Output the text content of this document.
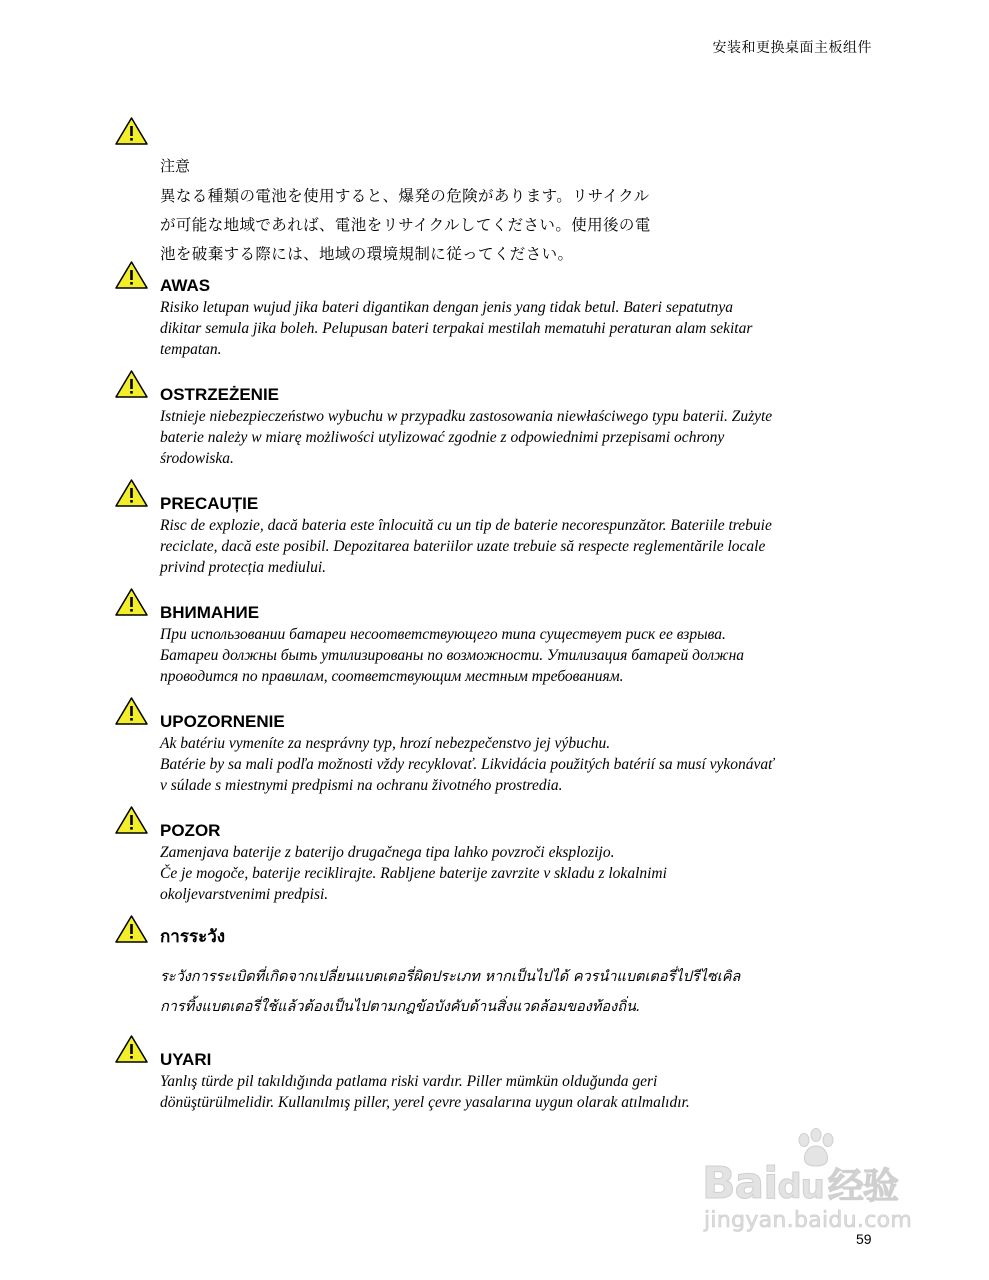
安装和更换桌面主板组件
注意
異なる種類の電池を使用すると、爆発の危険があります。リサイクル
が可能な地域であれば、電池をリサイクルしてください。使用後の電
池を破棄する際には、地域の環境規制に従ってください。
AWAS
Risiko letupan wujud jika bateri digantikan dengan jenis yang tidak betul. Bateri sepatutnya
dikitar semula jika boleh. Pelupusan bateri terpakai mestilah mematuhi peraturan alam sekitar
tempatan.
OSTRZEŻENIE
Istnieje niebezpieczeństwo wybuchu w przypadku zastosowania niewłaściwego typu baterii. Zużyte
baterie należy w miarę możliwości utylizować zgodnie z odpowiednimi przepisami ochrony
środowiska.
PRECAUȚIE
Risc de explozie, dacă bateria este înlocuită cu un tip de baterie necorespunzător. Bateriile trebuie
reciclate, dacă este posibil. Depozitarea bateriilor uzate trebuie să respecte reglementările locale
privind protecția mediului.
ВНИМАНИЕ
При использовании батареи несоответствующего типа существует риск ее взрыва.
Батареи должны быть утилизированы по возможности. Утилизация батарей должна
проводится по правилам, соответствующим местным требованиям.
UPOZORNENIE
Ak batériu vymeníte za nesprávny typ, hrozí nebezpečenstvo jej výbuchu.
Batérie by sa mali podľa možnosti vždy recyklovať. Likvidácia použitých batérií sa musí vykonávať
v súlade s miestnymi predpismi na ochranu životného prostredia.
POZOR
Zamenjava baterije z baterijo drugačnega tipa lahko povzroči eksplozijo.
Če je mogoče, baterije reciklirajte. Rabljene baterije zavrzite v skladu z lokalnimi
okoljevarstvenimi predpisi.
การระวัง
ระวังการระเบิดที่เกิดจากเปลี่ยนแบตเตอรี่ผิดประเภท หากเป็นไปได้ ควรนำแบตเตอรี่ไปรีไซเคิล
การทิ้งแบตเตอรี่ใช้แล้วต้องเป็นไปตามกฎข้อบังคับด้านสิ่งแวดล้อมของท้องถิ่น.
UYARI
Yanlış türde pil takıldığında patlama riski vardır. Piller mümkün olduğunda geri
dönüştürülmelidir. Kullanılmış piller, yerel çevre yasalarına uygun olarak atılmalıdır.
Baidu 经验
jingyan.baidu.com
59
